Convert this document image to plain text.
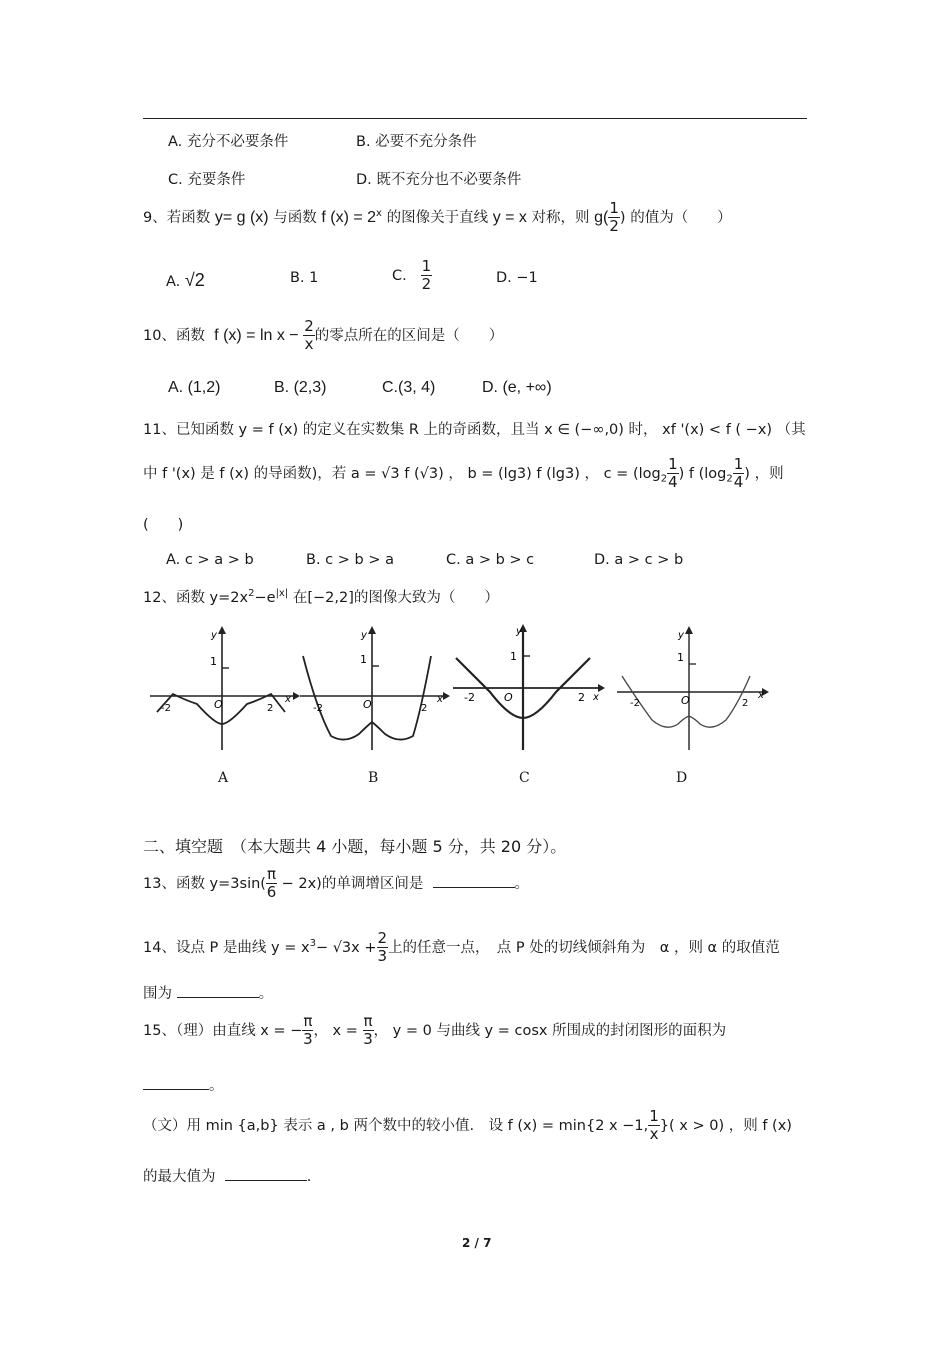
A. 充分不必要条件	B. 必要不充分条件
C. 充要条件	D. 既不充分也不必要条件
9、若函数 y= g (x) 与函数 f $(x) = 2^x$ 的图像关于直线 y = x 对称，则 $g( \frac{1}{2}$ ) 的值为（　　）
A. √2	B. 1	C. $\frac{1}{2}$	D. −1
10、函数 f $(x) = \ln x - \frac{2}{x}$ 的零点所在的区间是（　　）
A. (1,2)	B. (2,3)	C.(3, 4)	D. (e, +∞)
11、已知函数 y = f (x) 的定义在实数集 R 上的奇函数，且当 x ∈ (−∞,0) 时， xf '(x) < f ( −x) （其
中 f '(x) 是 f (x) 的导函数)，若 a = √3 f (√3) ， b = (lg3) f (lg3) ， $c = (\log_2 \frac{1}{4}$ ) f ($\log_2 \frac{1}{4}$ ) ，则
(　　)
A. c > a > b	B. c > b > a	C. a > b > c	D. a > c > b
12、函数 $y=2x^2-e^{|x|}$ 在[−2,2]的图像大致为（　　）
1
O
-2	2
x
y
A
1
O
-2	2
x
y
B
1
O
-2	2 x
y
C
1
O
-2	2
x
y
D
二、填空题　（本大题共 4 小题，每小题 5 分，共 20 分）。
13、函数 $y=3\sin( \frac{\pi}{6} - 2x)$的单调增区间是	。
14、设点 P 是曲线 $y = x^3- √3x + \frac{2}{3}$ 上的任意一点，　点 P 处的切线倾斜角为　α ，则 α 的取值范
围为	。
15、（理）由直线 x = − $\frac{\pi}{3}$ ， $x = \frac{\pi}{3}$ ， y = 0 与曲线 y = cosx 所围成的封闭图形的面积为
。
（文）用 min {a,b} 表示 a , b 两个数中的较小值.　设 f (x) = min{2 x −1, $\frac{1}{x}$ }( x > 0) ，则 f (x)
的最大值为	.
2 / 7
